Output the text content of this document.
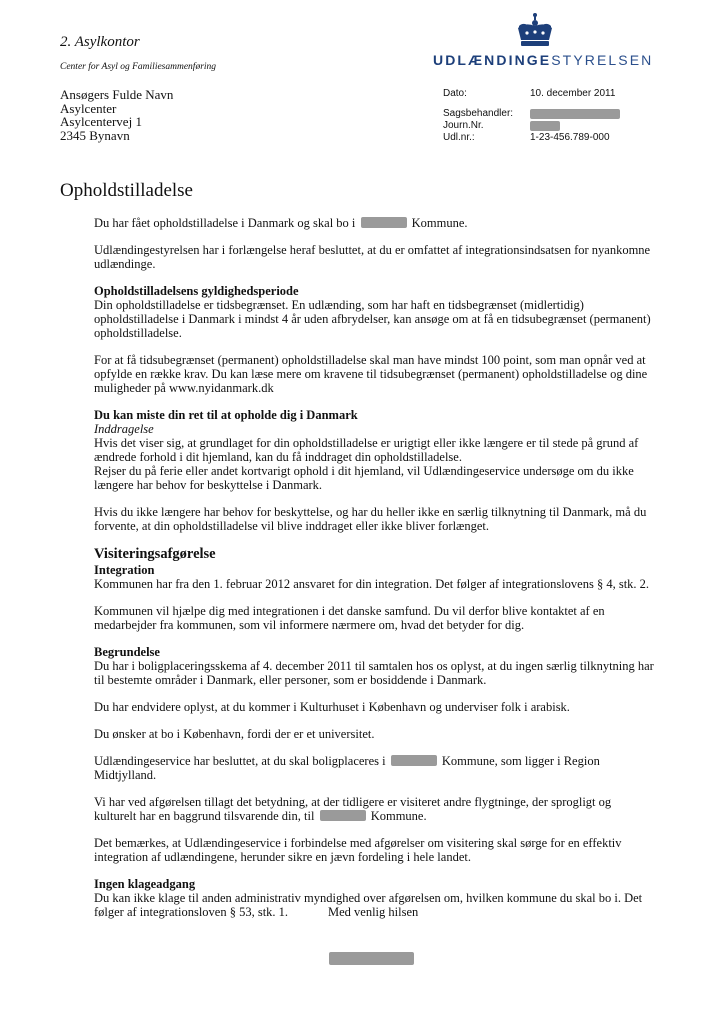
2. Asylkontor
Center for Asyl og Familiesammenføring	UDLÆNDINGESTYRELSEN
Ansøgers Fulde Navn
Asylcenter
Asylcentervej 1
2345 Bynavn
Dato:	10. december 2011
Sagsbehandler:
Journ.Nr.
Udl.nr.:	1-23-456.789-000
Opholdstilladelse

Du har fået opholdstilladelse i Danmark og skal bo i	Kommune.

Udlændingestyrelsen har i forlængelse heraf besluttet, at du er omfattet af integrationsindsatsen for nyankomne udlændinge.

Opholdstilladelsens gyldighedsperiode

Din opholdstilladelse er tidsbegrænset. En udlænding, som har haft en tidsbegrænset (midlertidig) opholdstilladelse i Danmark i mindst 4 år uden afbrydelser, kan ansøge om at få en tidsubegrænset (permanent) opholdstilladelse.

For at få tidsubegrænset (permanent) opholdstilladelse skal man have mindst 100 point, som man opnår ved at opfylde en række krav. Du kan læse mere om kravene til tidsubegrænset (permanent) opholdstilladelse og dine muligheder på www.nyidanmark.dk

Du kan miste din ret til at opholde dig i Danmark
Inddragelse
Hvis det viser sig, at grundlaget for din opholdstilladelse er urigtigt eller ikke længere er til stede på grund af ændrede forhold i dit hjemland, kan du få inddraget din opholdstilladelse.

Rejser du på ferie eller andet kortvarigt ophold i dit hjemland, vil Udlændingeservice undersøge om du ikke længere har behov for beskyttelse i Danmark.

Hvis du ikke længere har behov for beskyttelse, og har du heller ikke en særlig tilknytning til Danmark, må du forvente, at din opholdstilladelse vil blive inddraget eller ikke bliver forlænget.

Visiteringsafgørelse
Integration

Kommunen har fra den 1. februar 2012 ansvaret for din integration. Det følger af integrationslovens § 4, stk. 2.

Kommunen vil hjælpe dig med integrationen i det danske samfund. Du vil derfor blive kontaktet af en medarbejder fra kommunen, som vil informere nærmere om, hvad det betyder for dig.

Begrundelse

Du har i boligplaceringsskema af 4. december 2011 til samtalen hos os oplyst, at du ingen særlig tilknytning har til bestemte områder i Danmark, eller personer, som er bosiddende i Danmark.

Du har endvidere oplyst, at du kommer i Kulturhuset i København og underviser folk i arabisk.

Du ønsker at bo i København, fordi der er et universitet.

Udlændingeservice har besluttet, at du skal boligplaceres i	Kommune, som ligger i Region Midtjylland.

Vi har ved afgørelsen tillagt det betydning, at der tidligere er visiteret andre flygtninge, der sprogligt og kulturelt har en baggrund tilsvarende din, til	Kommune.

Det bemærkes, at Udlændingeservice i forbindelse med afgørelser om visitering skal sørge for en effektiv integration af udlændingene, herunder sikre en jævn fordeling i hele landet.

Ingen klageadgang

Du kan ikke klage til anden administrativ myndighed over afgørelsen om, hvilken kommune du skal bo i. Det følger af integrationsloven § 53, stk. 1.	Med venlig hilsen
